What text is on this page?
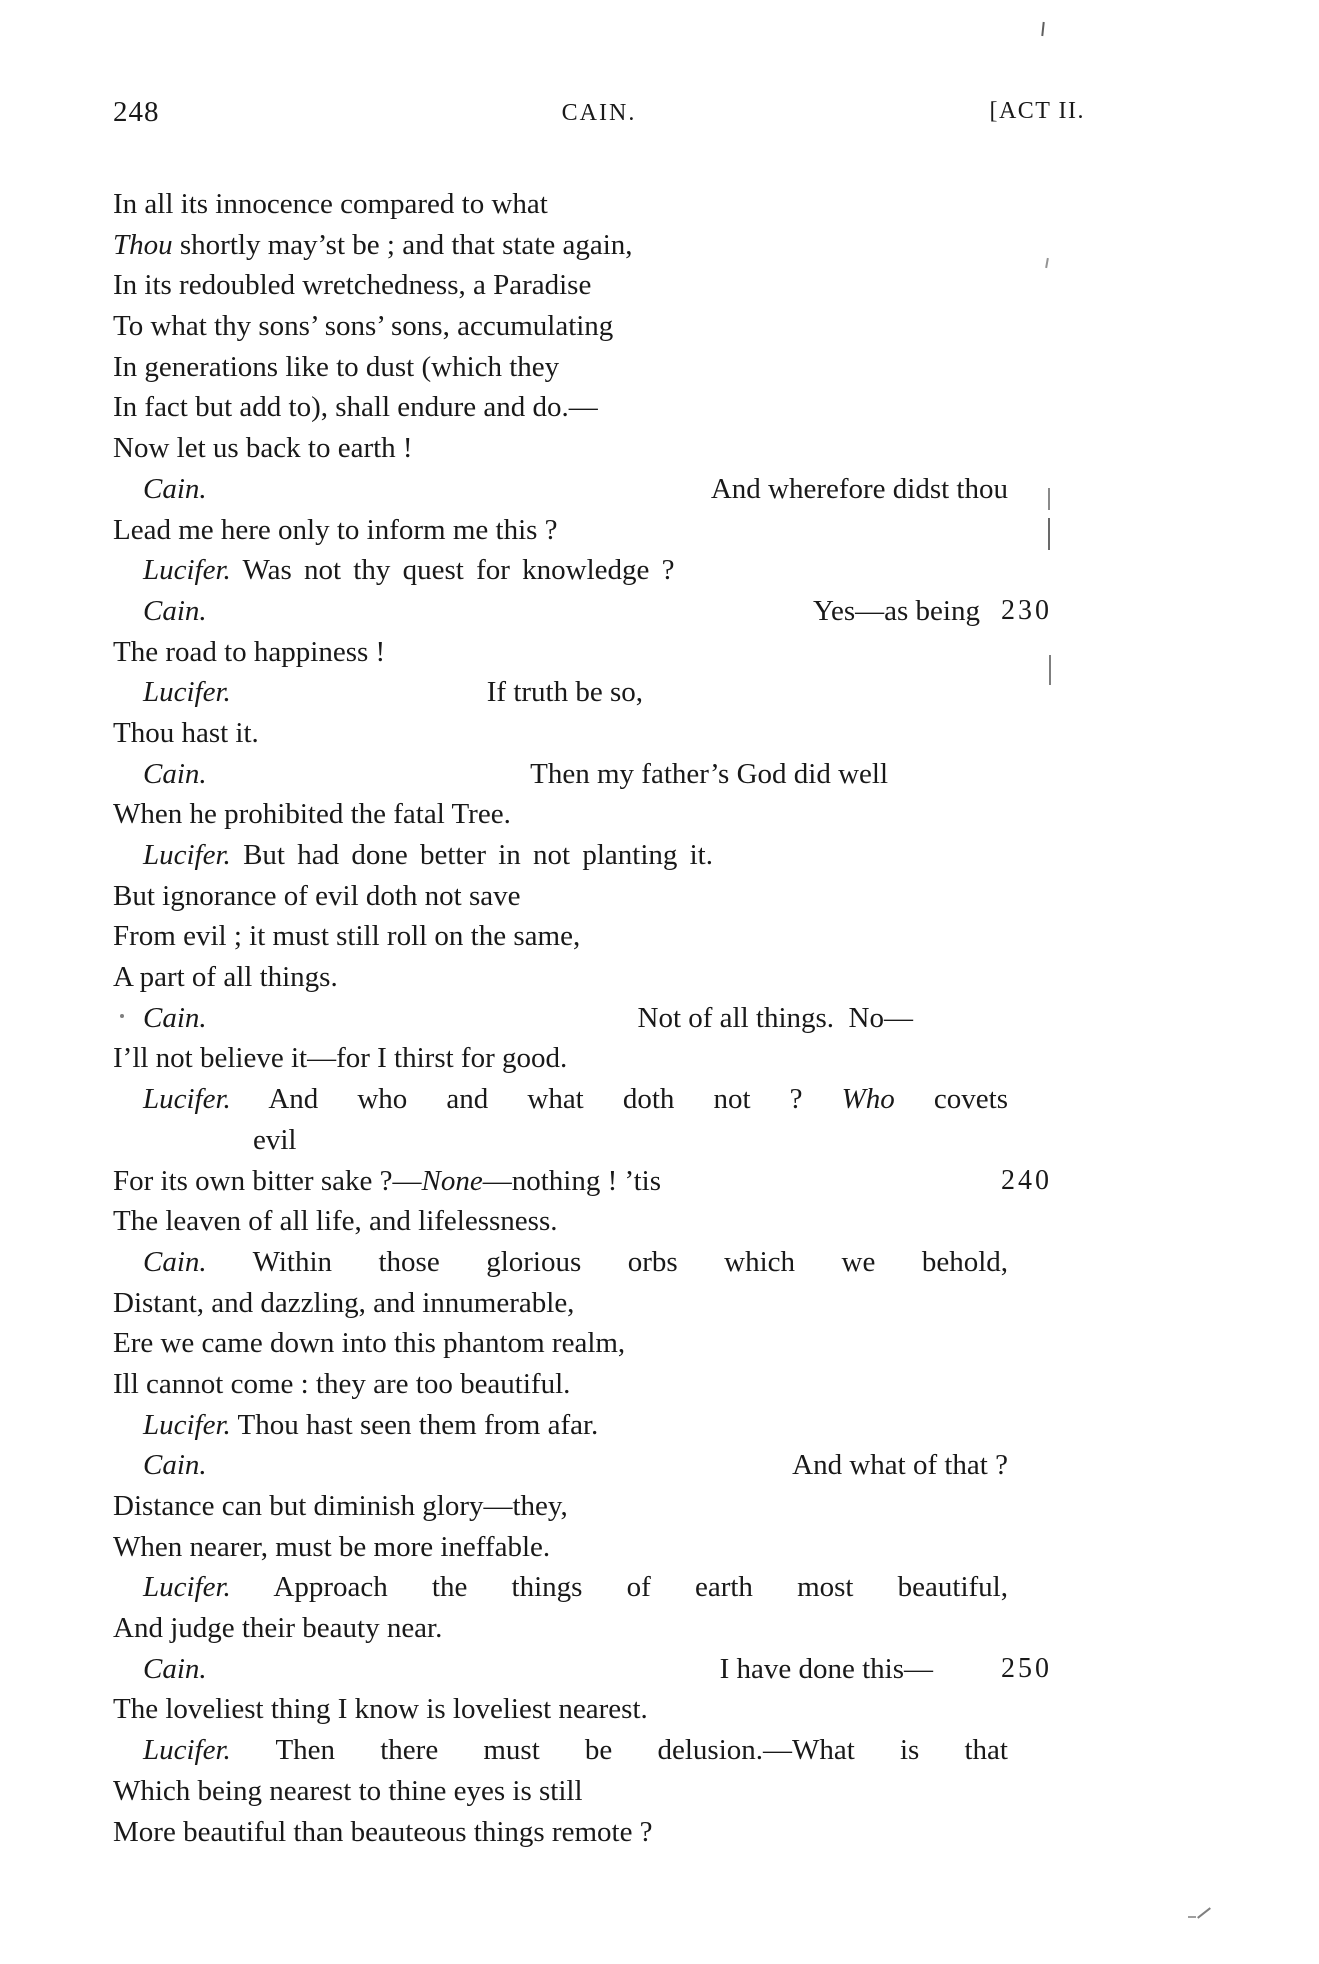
248	CAIN.	[ACT II.
In all its innocence compared to what
Thou shortly may’st be ; and that state again,
In its redoubled wretchedness, a Paradise
To what thy sons’ sons’ sons, accumulating
In generations like to dust (which they
In fact but add to), shall endure and do.—
Now let us back to earth !
Cain.	And wherefore didst thou
Lead me here only to inform me this ?
Lucifer. Was not thy quest for knowledge ?
Cain.	Yes—as being 230
The road to happiness !
Lucifer.	If truth be so,
Thou hast it.
Cain.	Then my father’s God did well
When he prohibited the fatal Tree.
Lucifer. But had done better in not planting it.
But ignorance of evil doth not save
From evil ; it must still roll on the same,
A part of all things.
Cain.	Not of all things.  No—
I’ll not believe it—for I thirst for good.
Lucifer. And who and what doth not ? Who covets
evil
For its own bitter sake ?—None—nothing ! ’tis	240
The leaven of all life, and lifelessness.
Cain. Within those glorious orbs which we behold,
Distant, and dazzling, and innumerable,
Ere we came down into this phantom realm,
Ill cannot come : they are too beautiful.
Lucifer. Thou hast seen them from afar.
Cain.	And what of that ?
Distance can but diminish glory—they,
When nearer, must be more ineffable.
Lucifer. Approach the things of earth most beautiful,
And judge their beauty near.
Cain.	I have done this— 250
The loveliest thing I know is loveliest nearest.
Lucifer. Then there must be delusion.—What is that
Which being nearest to thine eyes is still
More beautiful than beauteous things remote ?
